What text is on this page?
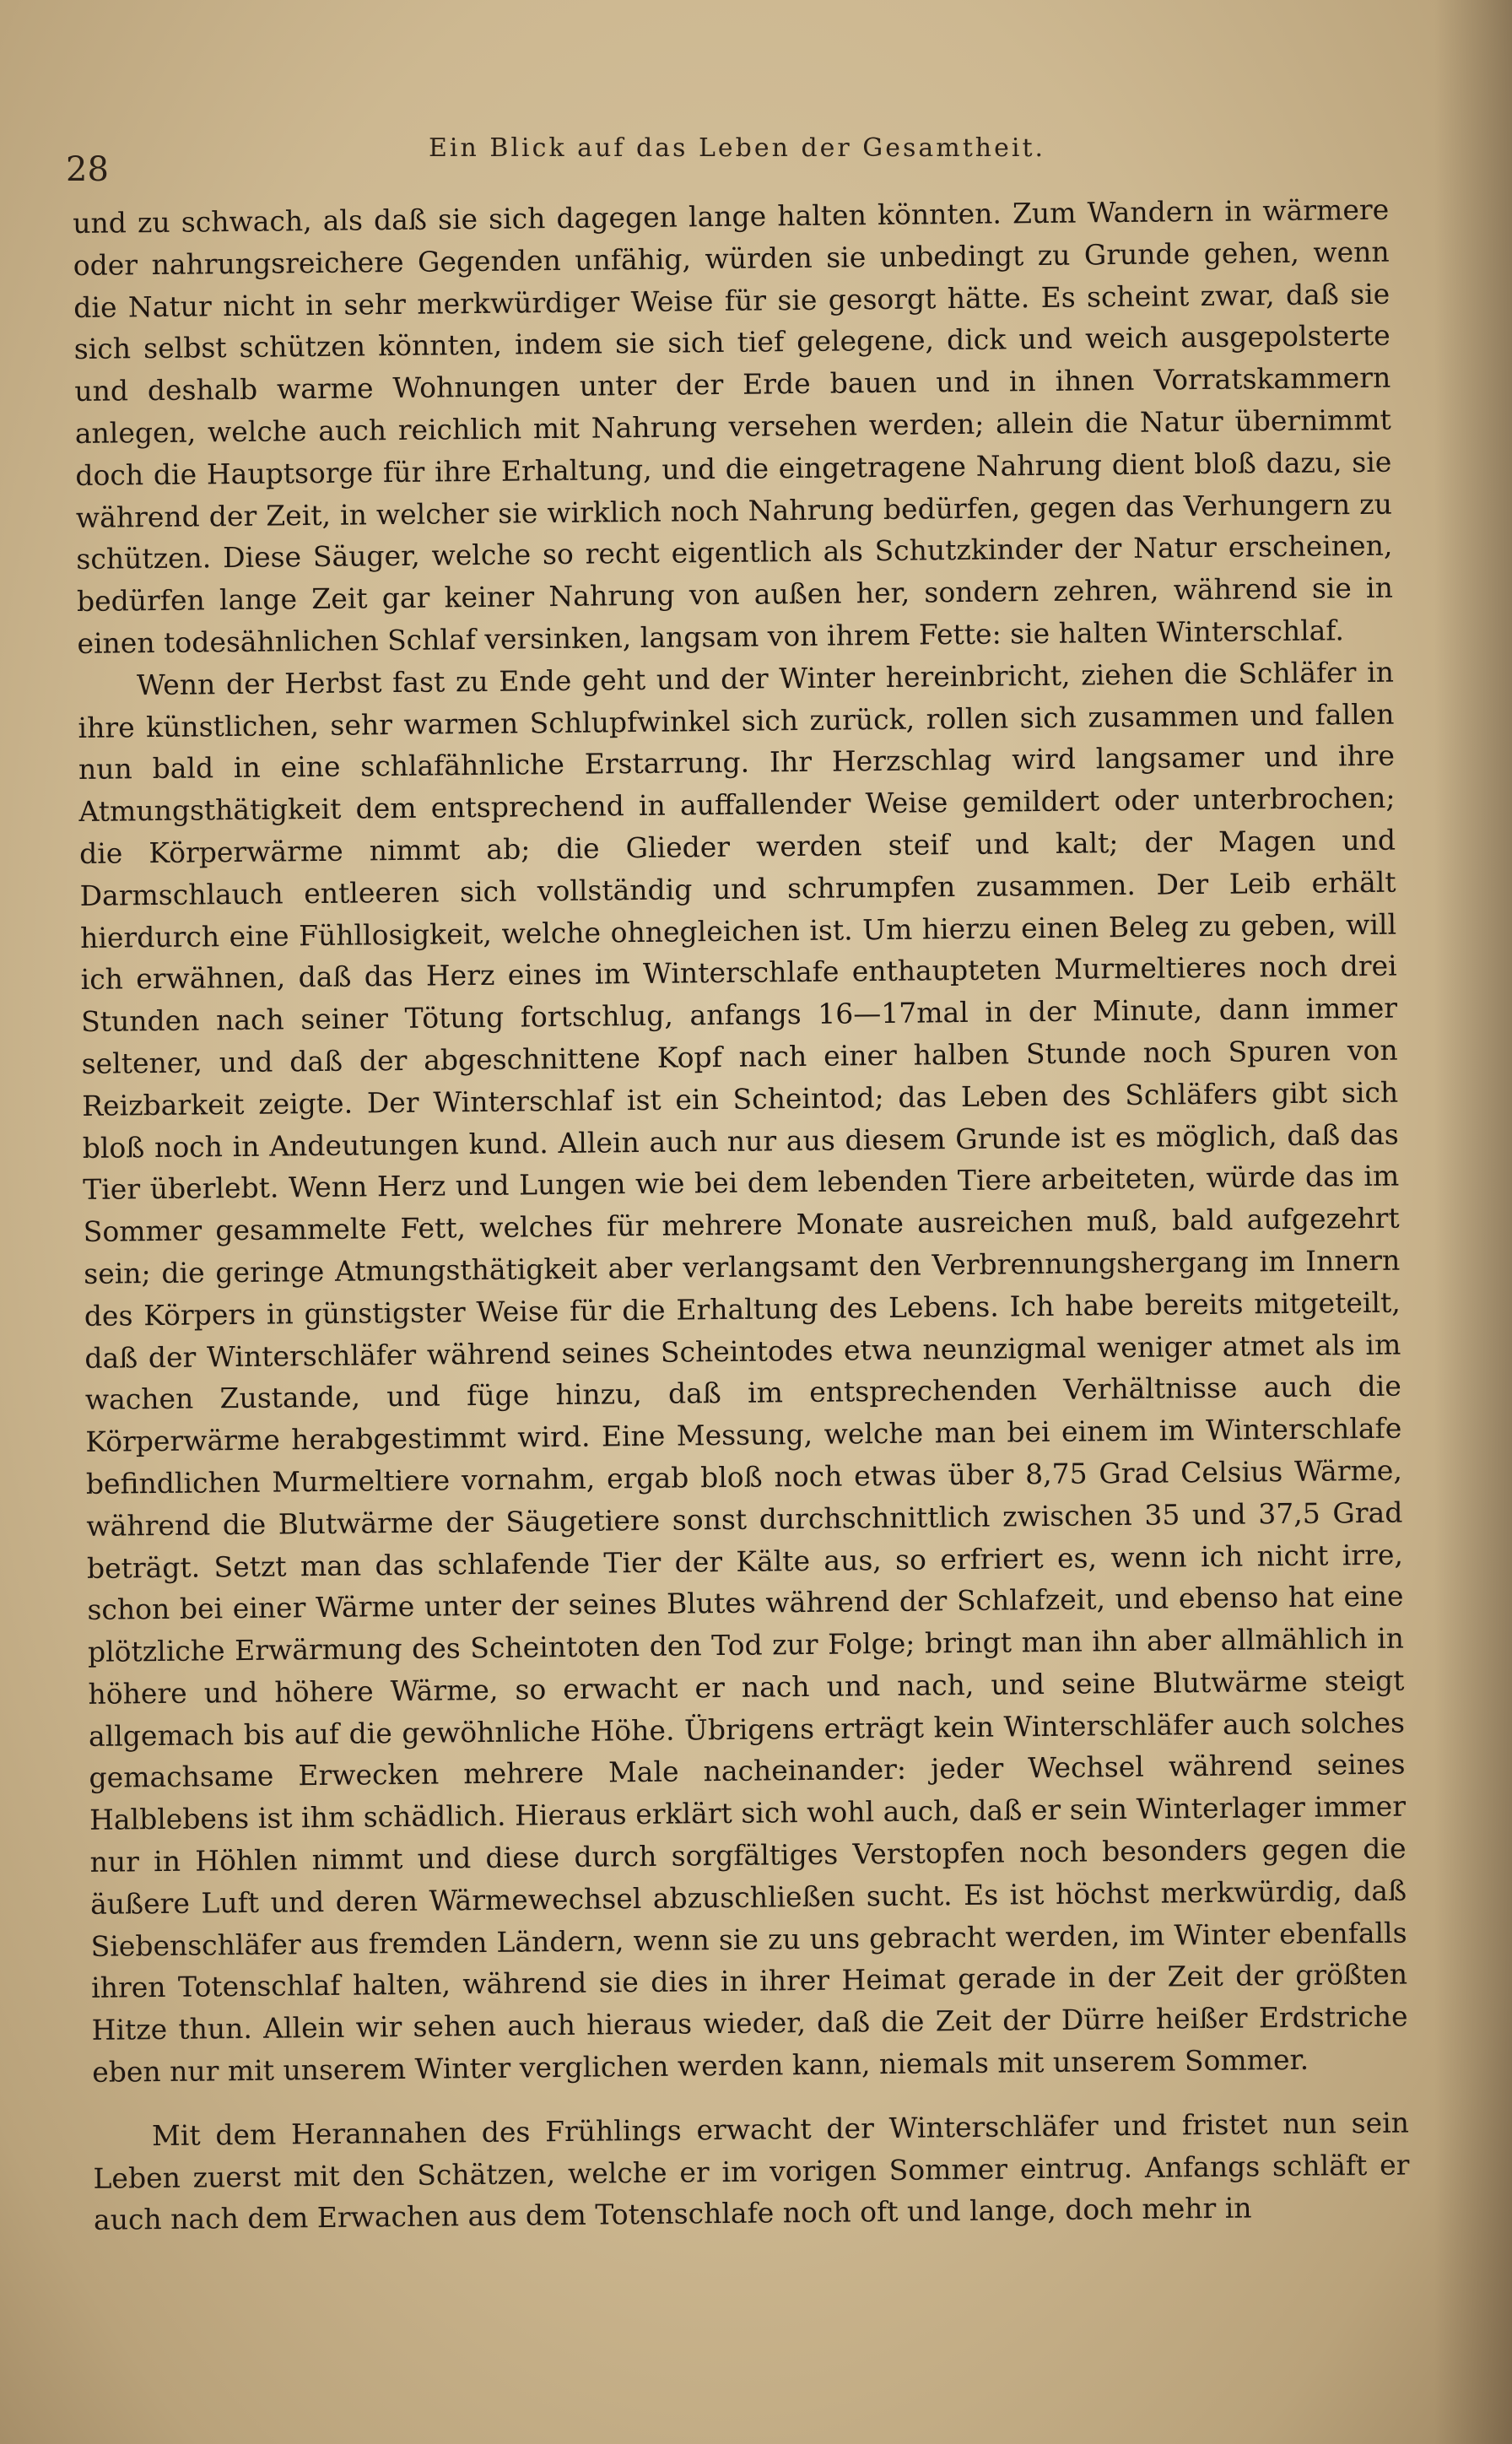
28
Ein Blick auf das Leben der Gesamtheit.

und zu schwach, als daß sie sich dagegen lange halten könnten. Zum Wandern in wärmere oder nahrungsreichere Gegenden unfähig, würden sie unbedingt zu Grunde gehen, wenn die Natur nicht in sehr merkwürdiger Weise für sie gesorgt hätte. Es scheint zwar, daß sie sich selbst schützen könnten, indem sie sich tief gelegene, dick und weich ausgepolsterte und deshalb warme Wohnungen unter der Erde bauen und in ihnen Vorratskammern anlegen, welche auch reichlich mit Nahrung versehen werden; allein die Natur übernimmt doch die Hauptsorge für ihre Erhaltung, und die eingetragene Nahrung dient bloß dazu, sie während der Zeit, in welcher sie wirklich noch Nahrung bedürfen, gegen das Verhungern zu schützen. Diese Säuger, welche so recht eigentlich als Schutzkinder der Natur erscheinen, bedürfen lange Zeit gar keiner Nahrung von außen her, sondern zehren, während sie in einen todesähnlichen Schlaf versinken, langsam von ihrem Fette: sie halten Winterschlaf.

Wenn der Herbst fast zu Ende geht und der Winter hereinbricht, ziehen die Schläfer in ihre künstlichen, sehr warmen Schlupfwinkel sich zurück, rollen sich zusammen und fallen nun bald in eine schlafähnliche Erstarrung. Ihr Herzschlag wird langsamer und ihre Atmungsthätigkeit dem entsprechend in auffallender Weise gemildert oder unterbrochen; die Körperwärme nimmt ab; die Glieder werden steif und kalt; der Magen und Darmschlauch entleeren sich vollständig und schrumpfen zusammen. Der Leib erhält hierdurch eine Fühllosigkeit, welche ohnegleichen ist. Um hierzu einen Beleg zu geben, will ich erwähnen, daß das Herz eines im Winterschlafe enthaupteten Murmeltieres noch drei Stunden nach seiner Tötung fortschlug, anfangs 16—17mal in der Minute, dann immer seltener, und daß der abgeschnittene Kopf nach einer halben Stunde noch Spuren von Reizbarkeit zeigte. Der Winterschlaf ist ein Scheintod; das Leben des Schläfers gibt sich bloß noch in Andeutungen kund. Allein auch nur aus diesem Grunde ist es möglich, daß das Tier überlebt. Wenn Herz und Lungen wie bei dem lebenden Tiere arbeiteten, würde das im Sommer gesammelte Fett, welches für mehrere Monate ausreichen muß, bald aufgezehrt sein; die geringe Atmungsthätigkeit aber verlangsamt den Verbrennungshergang im Innern des Körpers in günstigster Weise für die Erhaltung des Lebens. Ich habe bereits mitgeteilt, daß der Winterschläfer während seines Scheintodes etwa neunzigmal weniger atmet als im wachen Zustande, und füge hinzu, daß im entsprechenden Verhältnisse auch die Körperwärme herabgestimmt wird. Eine Messung, welche man bei einem im Winterschlafe befindlichen Murmeltiere vornahm, ergab bloß noch etwas über 8,75 Grad Celsius Wärme, während die Blutwärme der Säugetiere sonst durchschnittlich zwischen 35 und 37,5 Grad beträgt. Setzt man das schlafende Tier der Kälte aus, so erfriert es, wenn ich nicht irre, schon bei einer Wärme unter der seines Blutes während der Schlafzeit, und ebenso hat eine plötzliche Erwärmung des Scheintoten den Tod zur Folge; bringt man ihn aber allmählich in höhere und höhere Wärme, so erwacht er nach und nach, und seine Blutwärme steigt allgemach bis auf die gewöhnliche Höhe. Übrigens erträgt kein Winterschläfer auch solches gemachsame Erwecken mehrere Male nacheinander: jeder Wechsel während seines Halblebens ist ihm schädlich. Hieraus erklärt sich wohl auch, daß er sein Winterlager immer nur in Höhlen nimmt und diese durch sorgfältiges Verstopfen noch besonders gegen die äußere Luft und deren Wärmewechsel abzuschließen sucht. Es ist höchst merkwürdig, daß Siebenschläfer aus fremden Ländern, wenn sie zu uns gebracht werden, im Winter ebenfalls ihren Totenschlaf halten, während sie dies in ihrer Heimat gerade in der Zeit der größten Hitze thun. Allein wir sehen auch hieraus wieder, daß die Zeit der Dürre heißer Erdstriche eben nur mit unserem Winter verglichen werden kann, niemals mit unserem Sommer.

Mit dem Herannahen des Frühlings erwacht der Winterschläfer und fristet nun sein Leben zuerst mit den Schätzen, welche er im vorigen Sommer eintrug. Anfangs schläft er auch nach dem Erwachen aus dem Totenschlafe noch oft und lange, doch mehr in
